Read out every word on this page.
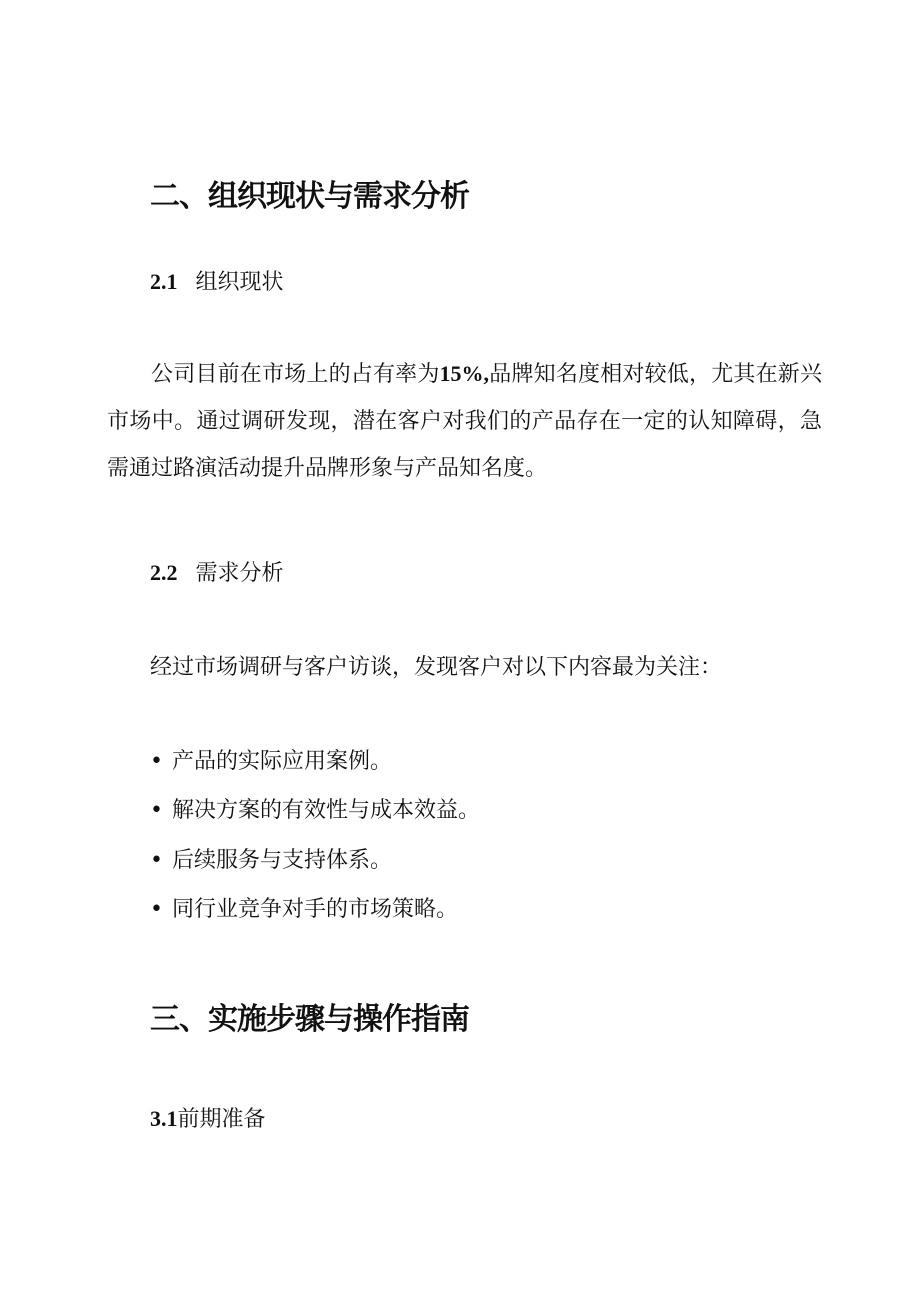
二、组织现状与需求分析
2.1 组织现状
公司目前在市场上的占有率为15%,品牌知名度相对较低，尤其在新兴市场中。通过调研发现，潜在客户对我们的产品存在一定的认知障碍，急需通过路演活动提升品牌形象与产品知名度。
2.2 需求分析
经过市场调研与客户访谈，发现客户对以下内容最为关注：
• 产品的实际应用案例。
• 解决方案的有效性与成本效益。
• 后续服务与支持体系。
• 同行业竞争对手的市场策略。
三、实施步骤与操作指南
3.1前期准备
